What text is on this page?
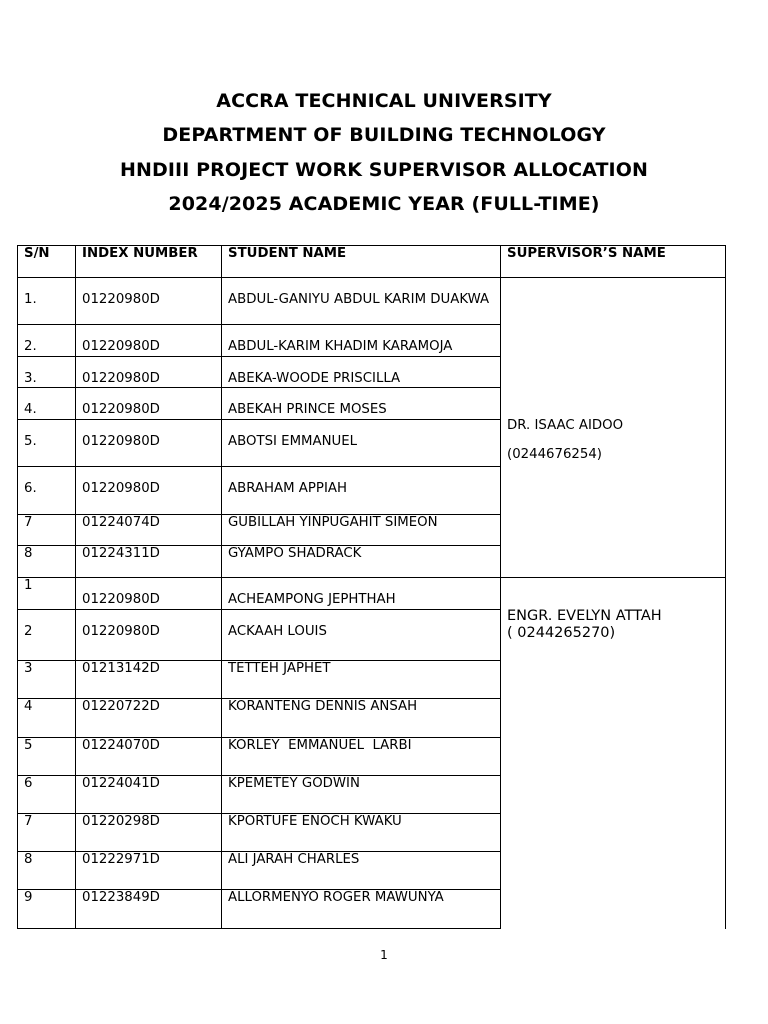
ACCRA TECHNICAL UNIVERSITY
DEPARTMENT OF BUILDING TECHNOLOGY
HNDIII PROJECT WORK SUPERVISOR ALLOCATION
2024/2025 ACADEMIC YEAR (FULL-TIME)
S/N	INDEX NUMBER	STUDENT NAME	SUPERVISOR’S NAME
1.	01220980D	ABDUL-GANIYU ABDUL KARIM DUAKWA	DR. ISAAC AIDOO
(0244676254)

2.	01220980D	ABDUL-KARIM KHADIM KARAMOJA	
3.	01220980D	ABEKA-WOODE PRISCILLA	
4.	01220980D	ABEKAH PRINCE MOSES	
5.	01220980D	ABOTSI EMMANUEL	
6.	01220980D	ABRAHAM APPIAH	
7	01224074D	GUBILLAH YINPUGAHIT SIMEON	
8	01224311D	GYAMPO SHADRACK	
1	01220980D	ACHEAMPONG JEPHTHAH	ENGR. EVELYN ATTAH
( 0244265270)
2	01220980D	ACKAAH LOUIS	
3	01213142D	TETTEH JAPHET	
4	01220722D	KORANTENG DENNIS ANSAH	
5	01224070D	KORLEY  EMMANUEL  LARBI	
6	01224041D	KPEMETEY GODWIN	
7	01220298D	KPORTUFE ENOCH KWAKU	
8	01222971D	ALI JARAH CHARLES	
9	01223849D	ALLORMENYO ROGER MAWUNYA	
1
